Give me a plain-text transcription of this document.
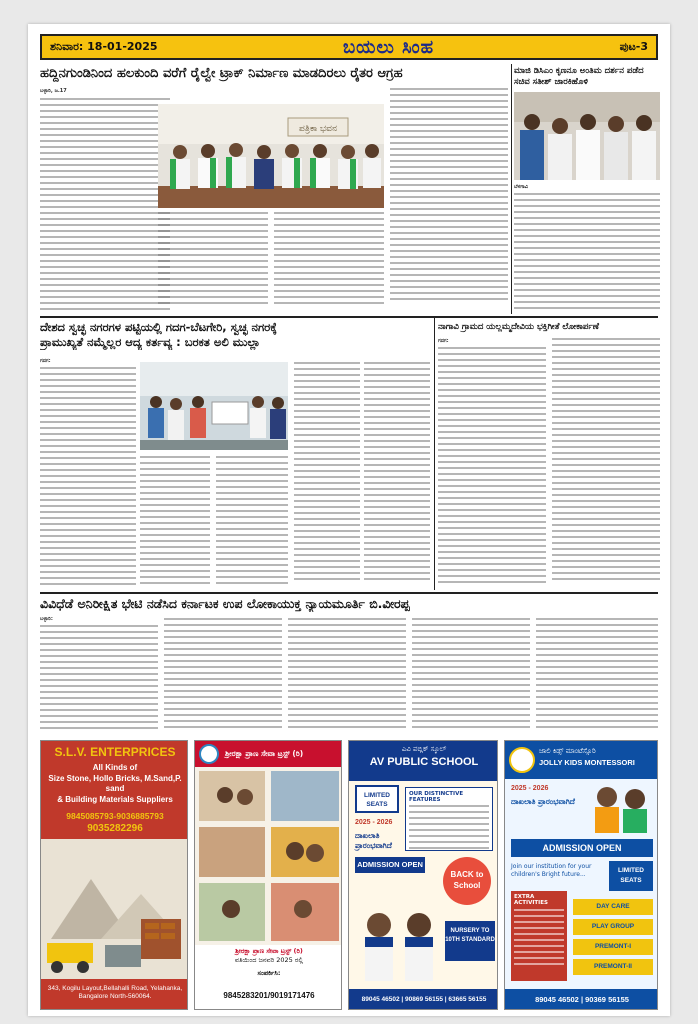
ಶನಿವಾರ: 18-01-2025	ಬಯಲು ಸಿಂಹ	ಪುಟ-3
ಹದ್ದಿನಗುಂಡಿನಿಂದ ಹಲಕುಂದಿ ವರೆಗೆ ರೈಲ್ವೇ ಟ್ರಾಕ್ ನಿರ್ಮಾಣ ಮಾಡದಿರಲು ರೈತರ ಆಗ್ರಹ
ಬಳ್ಳಾರಿ, ಜ.17
ಪತ್ರಿಕಾ ಭವನ
ಮಾಜಿ ಡಿಸಿಎಂ ಕೃಣನೂ ಅಂತಿಮ ದರ್ಶನ ಪಡೆದ ಸಚಿವ ಸತೀಶ್ ಜಾರಕಿಹೊಳಿ
ಬೆಳಗಾವಿ
ದೇಶದ ಸ್ವಚ್ಛ ನಗರಗಳ ಪಟ್ಟಿಯಲ್ಲಿ ಗದಗ-ಬೆಟಗೇರಿ, ಸ್ವಚ್ಛ ನಗರಕ್ಕೆ
ಪ್ರಾಮುಖ್ಯತೆ ನಮ್ಮೆಲ್ಲರ ಆದ್ಯ ಕರ್ತವ್ಯ : ಬರಕತ ಅಲಿ ಮುಲ್ಲಾ
ಗದಗ:
ನಾಗಾವಿ ಗ್ರಾಮದ ಯಲ್ಲಮ್ಮದೇವಿಯ ಭಕ್ತಿಗೀತೆ ಲೋಕಾರ್ಪಣೆ
ಗದಗ:
ವಿವಿಧೆಡೆ ಅನಿರೀಕ್ಷಿತ ಭೇಟಿ ನಡೆಸಿದ ಕರ್ನಾಟಕ ಉಪ ಲೋಕಾಯುಕ್ತ ನ್ಯಾಯಮೂರ್ತಿ ಬಿ.ವೀರಪ್ಪ
ಬಳ್ಳಾರಿ:
S.L.V. ENTERPRICES
All Kinds of
Size Stone, Hollo Bricks, M.Sand,P. sand
& Building Materials Suppliers
9845085793-9036885793
9035282296
343, Kogilu Layout,Bellahalli Road, Yelahanka, Bangalore North-560064.
ಶ್ರೀರಕ್ಷಾ ಪ್ರಾಣ ಸೇವಾ ಟ್ರಸ್ಟ್ (ರಿ)
ಶ್ರೀರಕ್ಷಾ ಪ್ರಾಣ ಸೇವಾ ಟ್ರಸ್ಟ್ (ರಿ)
ವತಿಯಿಂದ ಜನವರಿ 2025 ರಲ್ಲಿ
ಸಂಪರ್ಕಿಸಿ:
9845283201/9019171476
ಎವಿ ಪಬ್ಲಿಕ್ ಸ್ಕೂಲ್
AV PUBLIC SCHOOL
LIMITED SEATS
OUR DISTINCTIVE FEATURES
2025 - 2026
ದಾಖಲಾತಿ ಪ್ರಾರಂಭವಾಗಿದೆ
ADMISSION OPEN
BACK to School
NURSERY TO 10TH STANDARD
89045 46502 | 90869 56155 | 63665 56155
ಜಾಲಿ ಕಿಡ್ಸ್ ಮಾಂಟೆಸ್ಸೊರಿ
JOLLY KIDS MONTESSORI
2025 - 2026
ದಾಖಲಾತಿ ಪ್ರಾರಂಭವಾಗಿದೆ
ADMISSION OPEN
Join our institution for your children's Bright future...
LIMITED SEATS
EXTRA ACTIVITIES	DAY CARE
PLAY GROUP
PREMONT-I
PREMONT-II
89045 46502 | 90369 56155
